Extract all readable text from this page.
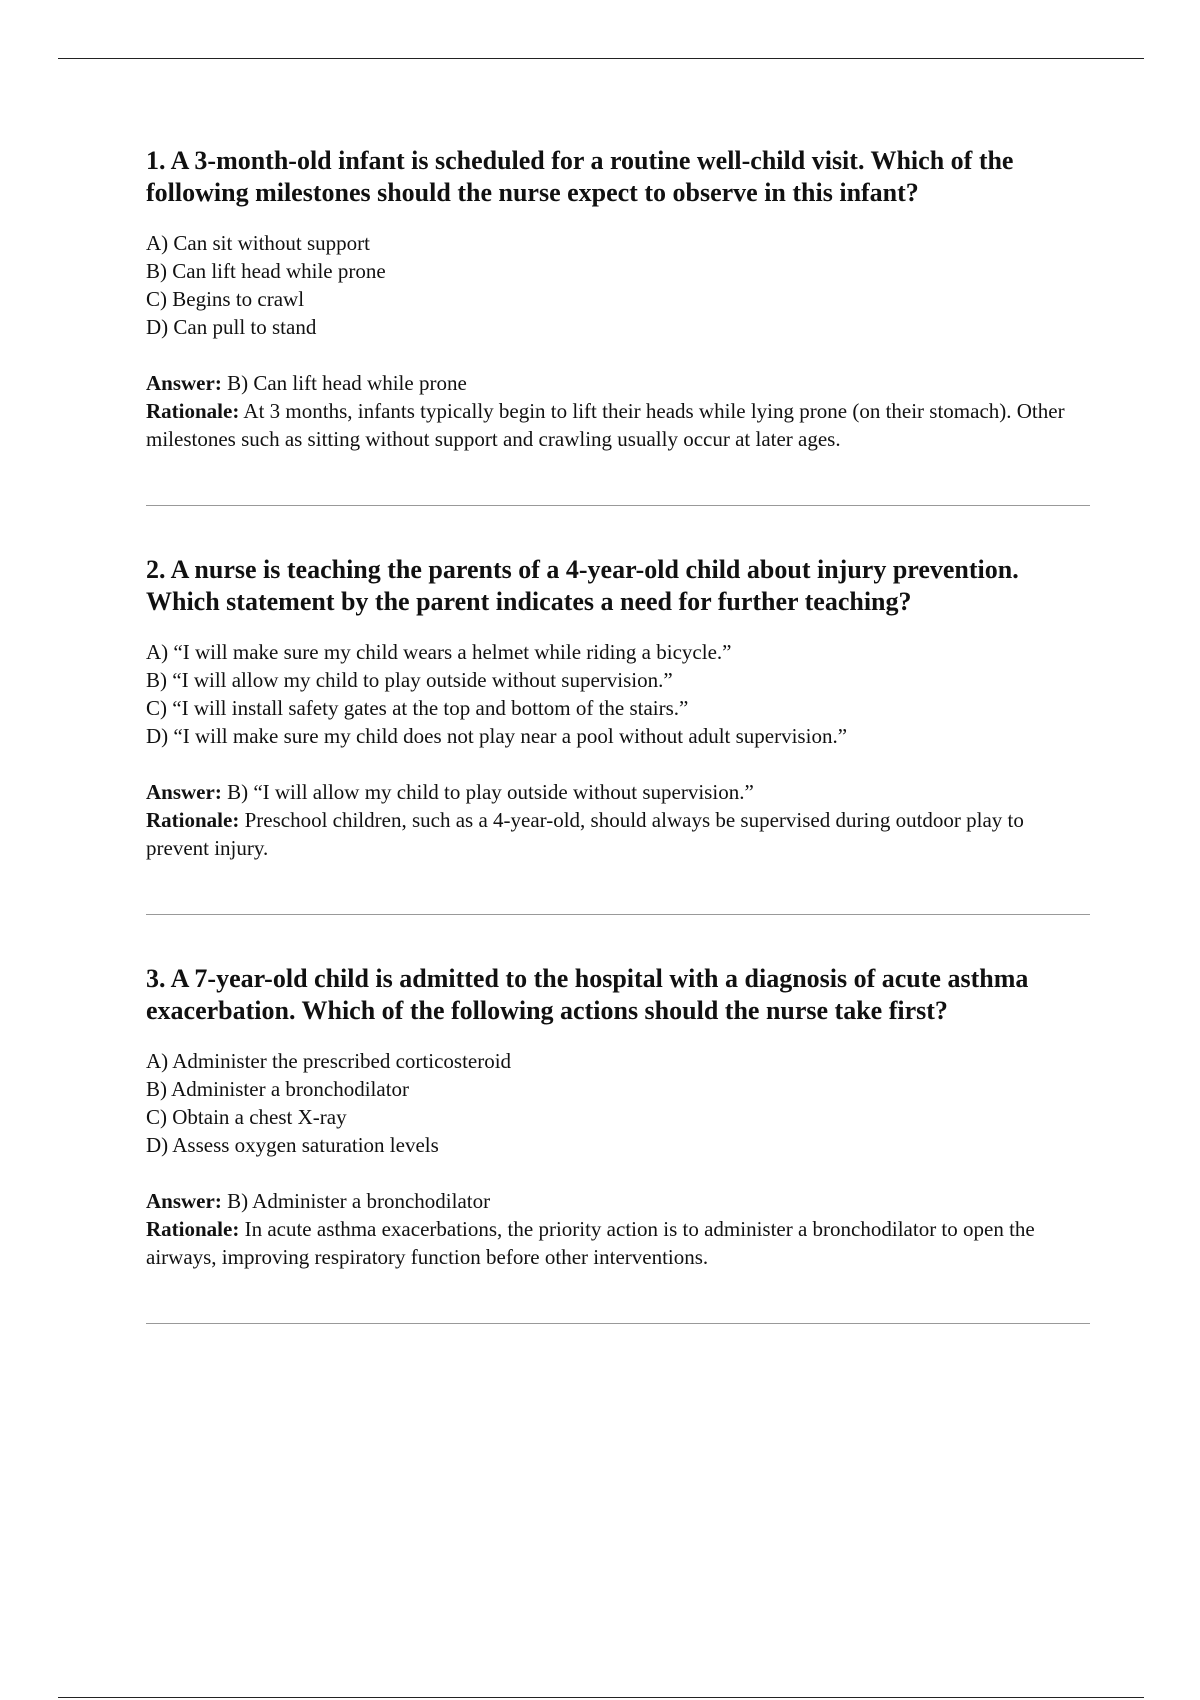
1. A 3-month-old infant is scheduled for a routine well-child visit. Which of the following milestones should the nurse expect to observe in this infant?

A) Can sit without support
B) Can lift head while prone
C) Begins to crawl
D) Can pull to stand

Answer: B) Can lift head while prone

Rationale: At 3 months, infants typically begin to lift their heads while lying prone (on their stomach). Other milestones such as sitting without support and crawling usually occur at later ages.

2. A nurse is teaching the parents of a 4-year-old child about injury prevention. Which statement by the parent indicates a need for further teaching?

A) “I will make sure my child wears a helmet while riding a bicycle.”
B) “I will allow my child to play outside without supervision.”
C) “I will install safety gates at the top and bottom of the stairs.”
D) “I will make sure my child does not play near a pool without adult supervision.”

Answer: B) “I will allow my child to play outside without supervision.”

Rationale: Preschool children, such as a 4-year-old, should always be supervised during outdoor play to prevent injury.

3. A 7-year-old child is admitted to the hospital with a diagnosis of acute asthma exacerbation. Which of the following actions should the nurse take first?

A) Administer the prescribed corticosteroid
B) Administer a bronchodilator
C) Obtain a chest X-ray
D) Assess oxygen saturation levels

Answer: B) Administer a bronchodilator

Rationale: In acute asthma exacerbations, the priority action is to administer a bronchodilator to open the airways, improving respiratory function before other interventions.
